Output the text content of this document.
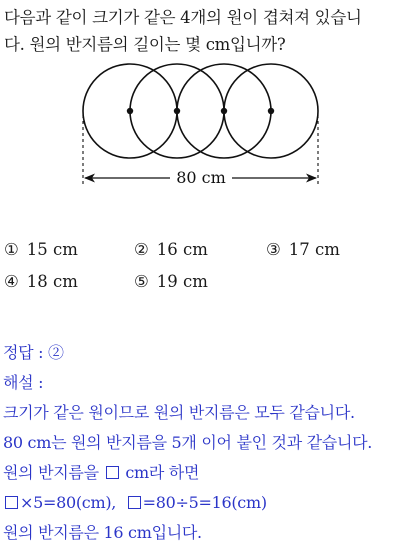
다음과 같이 크기가 같은 4개의 원이 겹쳐져 있습니
다. 원의 반지름의 길이는 몇 cm입니까?
80 cm
① 15 cm	② 16 cm	③ 17 cm
④ 18 cm	⑤ 19 cm
정답 : ②
해설 :
크기가 같은 원이므로 원의 반지름은 모두 같습니다.
80 cm는 원의 반지름을 5개 이어 붙인 것과 같습니다.
원의 반지름을 cm라 하면
×5=80(cm), =80÷5=16(cm)
원의 반지름은 16 cm입니다.
